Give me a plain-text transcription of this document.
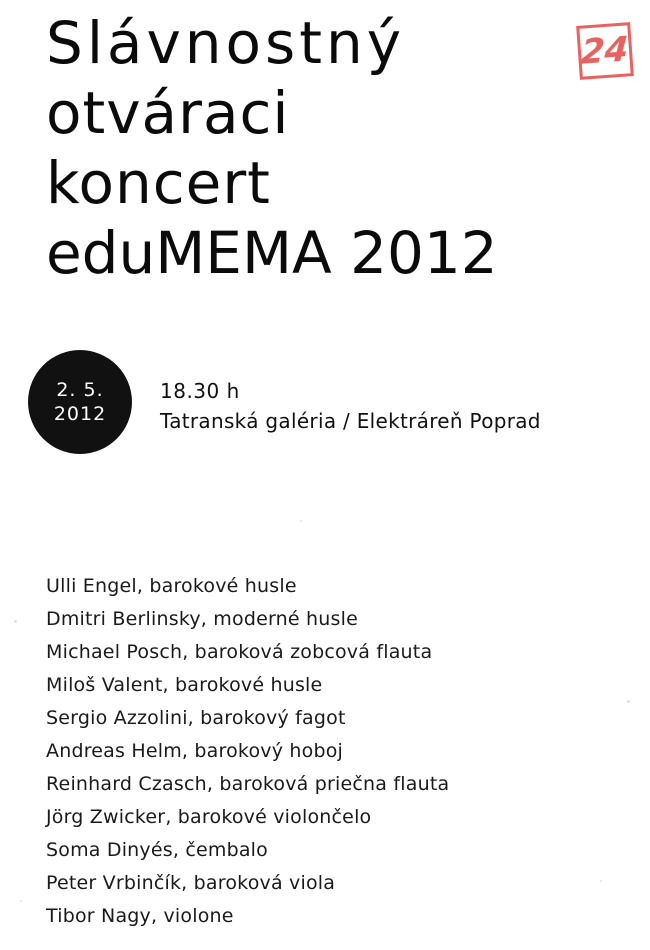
Slávnostný
otváraci
koncert
eduMEMA 2012
24
2. 5.
2012
18.30 h
Tatranská galéria / Elektráreň Poprad
Ulli Engel, barokové husle
Dmitri Berlinsky, moderné husle
Michael Posch, baroková zobcová flauta
Miloš Valent, barokové husle
Sergio Azzolini, barokový fagot
Andreas Helm, barokový hoboj
Reinhard Czasch, baroková priečna flauta
Jörg Zwicker, barokové violončelo
Soma Dinyés, čembalo
Peter Vrbinčík, baroková viola
Tibor Nagy, violone
